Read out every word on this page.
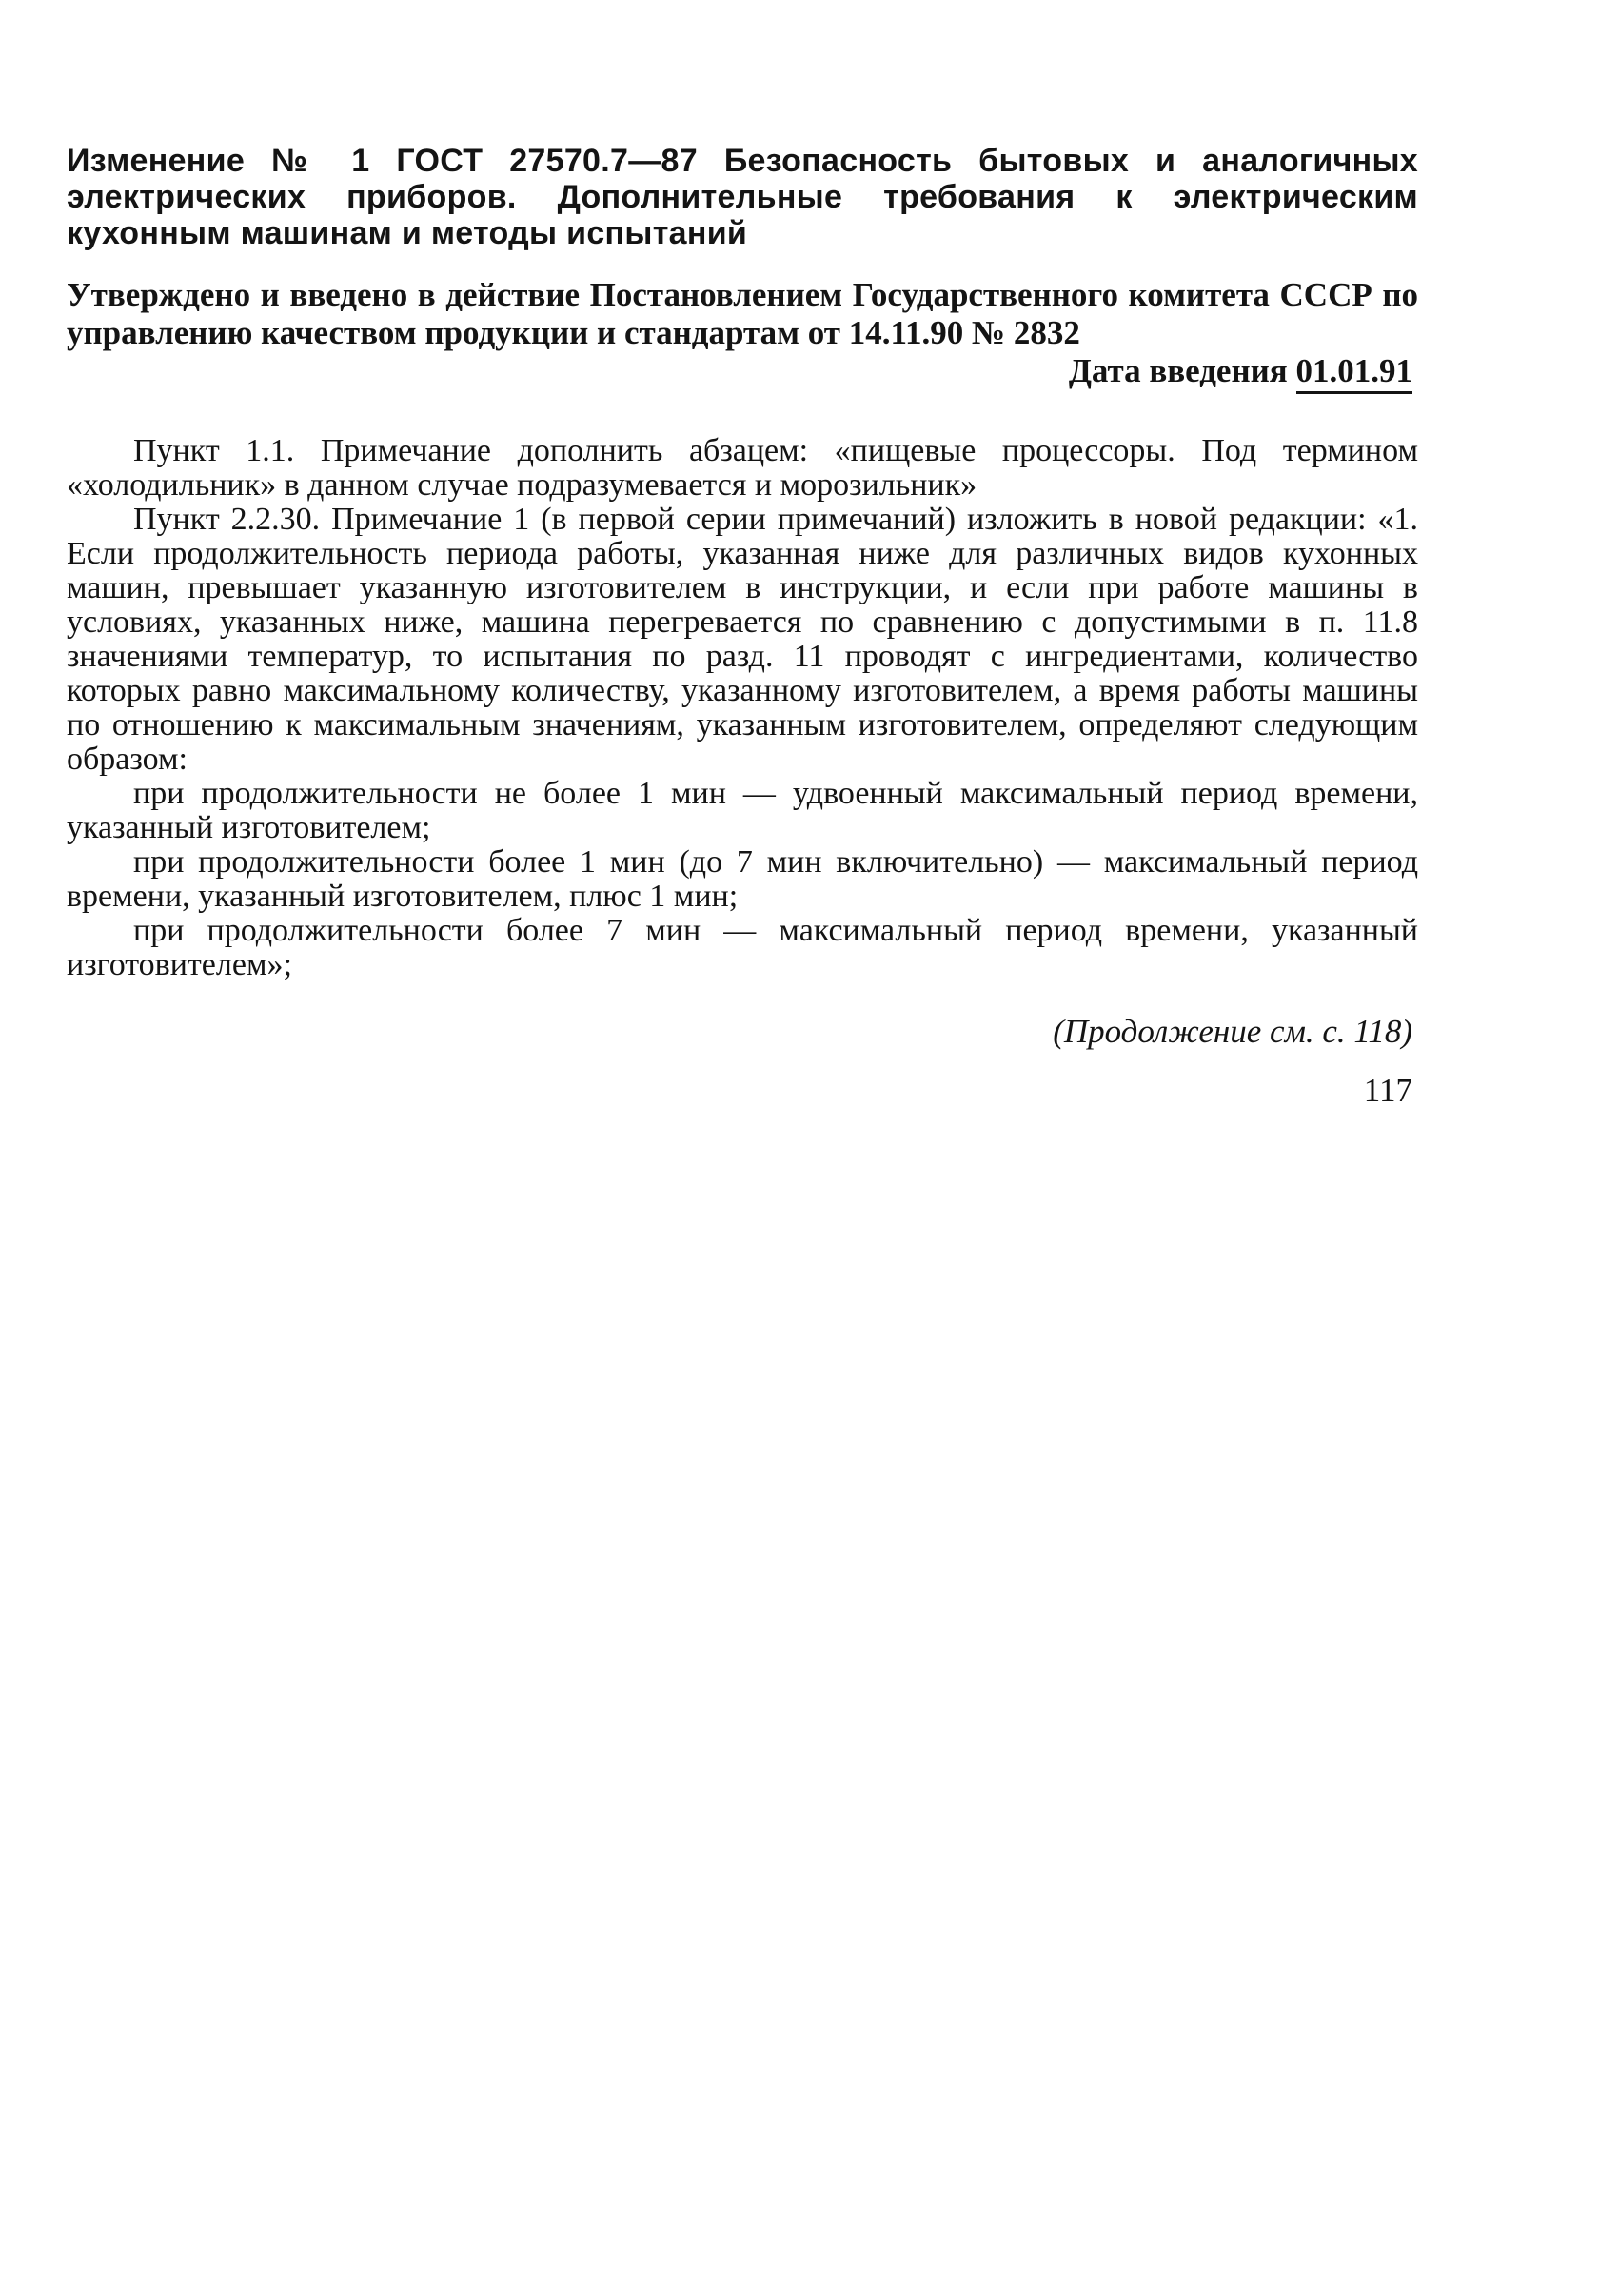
Изменение № 1 ГОСТ 27570.7—87 Безопасность бытовых и аналогичных электрических приборов. Дополнительные требования к электрическим кухонным машинам и методы испытаний

Утверждено и введено в действие Постановлением Государственного комитета СССР по управлению качеством продукции и стандартам от 14.11.90 № 2832

Дата введения 01.01.91

Пункт 1.1. Примечание дополнить абзацем: «пищевые процессоры. Под термином «холодильник» в данном случае подразумевается и морозильник»

Пункт 2.2.30. Примечание 1 (в первой серии примечаний) изложить в новой редакции: «1. Если продолжительность периода работы, указанная ниже для различных видов кухонных машин, превышает указанную изготовителем в инструкции, и если при работе машины в условиях, указанных ниже, машина перегревается по сравнению с допустимыми в п. 11.8 значениями температур, то испытания по разд. 11 проводят с ингредиентами, количество которых равно максимальному количеству, указанному изготовителем, а время работы машины по отношению к максимальным значениям, указанным изготовителем, определяют следующим образом:

при продолжительности не более 1 мин — удвоенный максимальный период времени, указанный изготовителем;

при продолжительности более 1 мин (до 7 мин включительно) — максимальный период времени, указанный изготовителем, плюс 1 мин;

при продолжительности более 7 мин — максимальный период времени, указанный изготовителем»;

(Продолжение см. с. 118)
117
